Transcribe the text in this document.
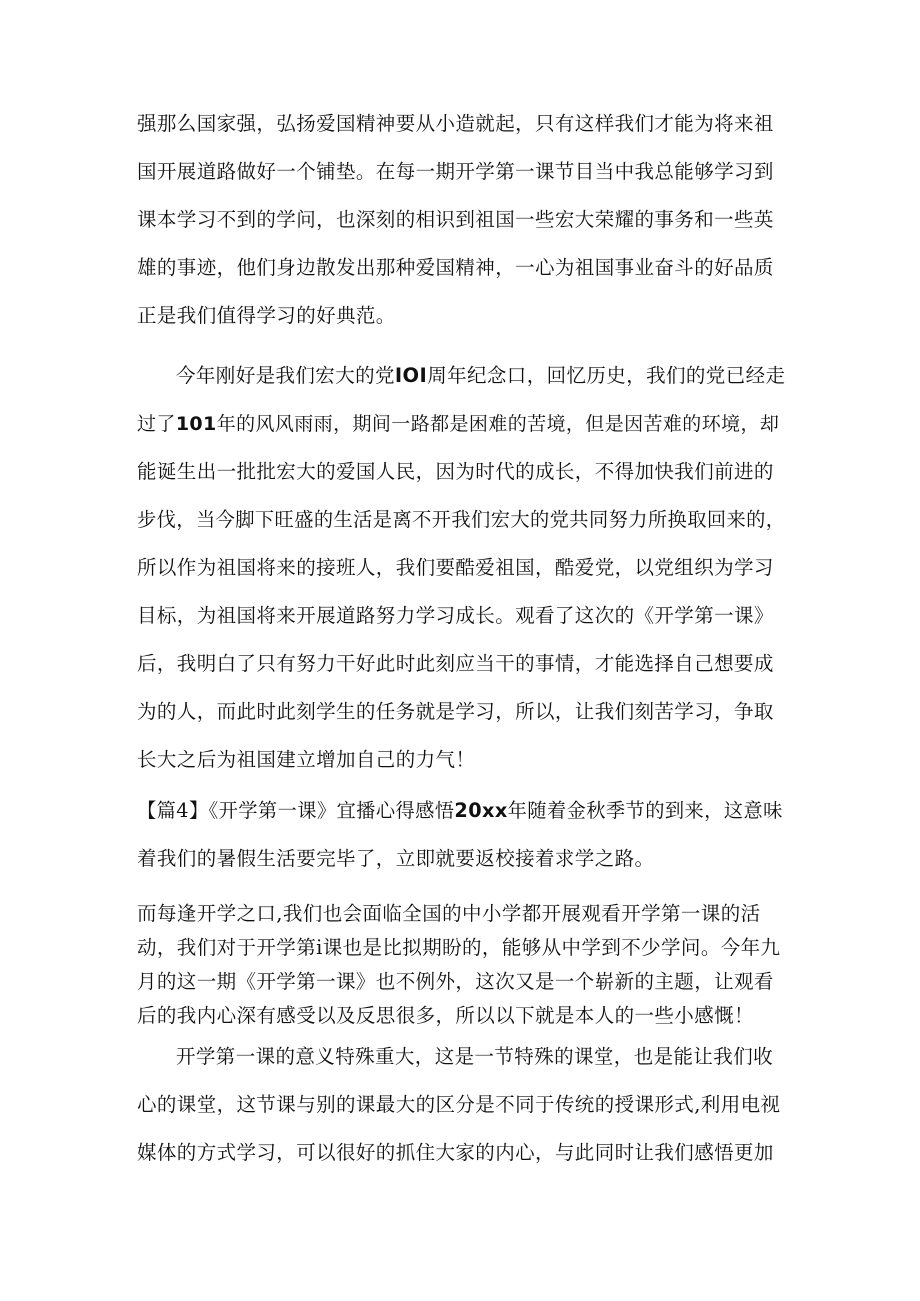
强那么国家强，弘扬爱国精神要从小造就起，只有这样我们才能为将来祖
国开展道路做好一个铺垫。在每一期开学第一课节目当中我总能够学习到
课本学习不到的学问，也深刻的相识到祖国一些宏大荣耀的事务和一些英
雄的事迹，他们身边散发出那种爱国精神，一心为祖国事业奋斗的好品质
正是我们值得学习的好典范。
今年刚好是我们宏大的党IOI周年纪念口，回忆历史，我们的党已经走
过了101年的风风雨雨，期间一路都是困难的苦境，但是因苦难的环境，却
能诞生出一批批宏大的爱国人民，因为时代的成长，不得加快我们前进的
步伐，当今脚下旺盛的生活是离不开我们宏大的党共同努力所换取回来的，
所以作为祖国将来的接班人，我们要酷爱祖国，酷爱党，以党组织为学习
目标，为祖国将来开展道路努力学习成长。观看了这次的《开学第一课》
后，我明白了只有努力干好此时此刻应当干的事情，才能选择自己想要成
为的人，而此时此刻学生的任务就是学习，所以，让我们刻苦学习，争取
长大之后为祖国建立增加自己的力气！
【篇4】《开学第一课》宜播心得感悟20xx年随着金秋季节的到来，这意味
着我们的暑假生活要完毕了，立即就要返校接着求学之路。
而每逢开学之口,我们也会面临全国的中小学都开展观看开学第一课的活
动，我们对于开学第i课也是比拟期盼的，能够从中学到不少学问。今年九
月的这一期《开学第一课》也不例外，这次又是一个崭新的主题，让观看
后的我内心深有感受以及反思很多，所以以下就是本人的一些小感慨！
开学第一课的意义特殊重大，这是一节特殊的课堂，也是能让我们收
心的课堂，这节课与别的课最大的区分是不同于传统的授课形式,利用电视
媒体的方式学习，可以很好的抓住大家的内心，与此同时让我们感悟更加
